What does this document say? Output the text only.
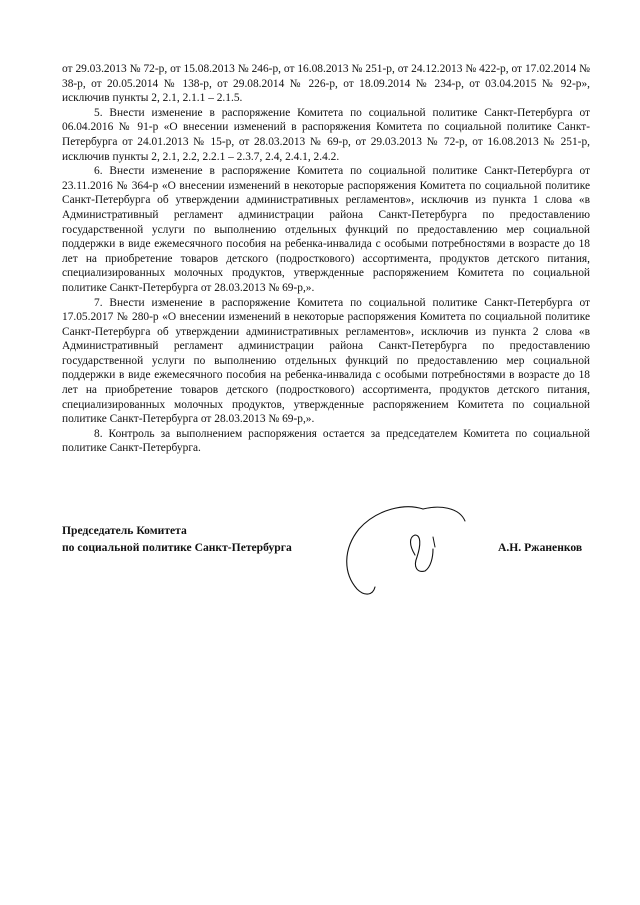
от 29.03.2013 № 72-р, от 15.08.2013 № 246-р, от 16.08.2013 № 251-р, от 24.12.2013 № 422-р, от 17.02.2014 № 38-р, от 20.05.2014 № 138-р, от 29.08.2014 № 226-р, от 18.09.2014 № 234-р, от 03.04.2015 № 92-р», исключив пункты 2, 2.1, 2.1.1 – 2.1.5.

5. Внести изменение в распоряжение Комитета по социальной политике Санкт-Петербурга от 06.04.2016 № 91-р «О внесении изменений в распоряжения Комитета по социальной политике Санкт-Петербурга от 24.01.2013 № 15-р, от 28.03.2013 № 69-р, от 29.03.2013 № 72-р, от 16.08.2013 № 251-р, исключив пункты 2, 2.1, 2.2, 2.2.1 – 2.3.7, 2.4, 2.4.1, 2.4.2.

6. Внести изменение в распоряжение Комитета по социальной политике Санкт-Петербурга от 23.11.2016 № 364-р «О внесении изменений в некоторые распоряжения Комитета по социальной политике Санкт-Петербурга об утверждении административных регламентов», исключив из пункта 1 слова «в Административный регламент администрации района Санкт-Петербурга по предоставлению государственной услуги по выполнению отдельных функций по предоставлению мер социальной поддержки в виде ежемесячного пособия на ребенка-инвалида с особыми потребностями в возрасте до 18 лет на приобретение товаров детского (подросткового) ассортимента, продуктов детского питания, специализированных молочных продуктов, утвержденные распоряжением Комитета по социальной политике Санкт-Петербурга от 28.03.2013 № 69-р,».

7. Внести изменение в распоряжение Комитета по социальной политике Санкт-Петербурга от 17.05.2017 № 280-р «О внесении изменений в некоторые распоряжения Комитета по социальной политике Санкт-Петербурга об утверждении административных регламентов», исключив из пункта 2 слова «в Административный регламент администрации района Санкт-Петербурга по предоставлению государственной услуги по выполнению отдельных функций по предоставлению мер социальной поддержки в виде ежемесячного пособия на ребенка-инвалида с особыми потребностями в возрасте до 18 лет на приобретение товаров детского (подросткового) ассортимента, продуктов детского питания, специализированных молочных продуктов, утвержденные распоряжением Комитета по социальной политике Санкт-Петербурга от 28.03.2013 № 69-р,».

8. Контроль за выполнением распоряжения остается за председателем Комитета по социальной политике Санкт-Петербурга.

Председатель Комитета
по социальной политике Санкт-Петербурга	А.Н. Ржаненков
